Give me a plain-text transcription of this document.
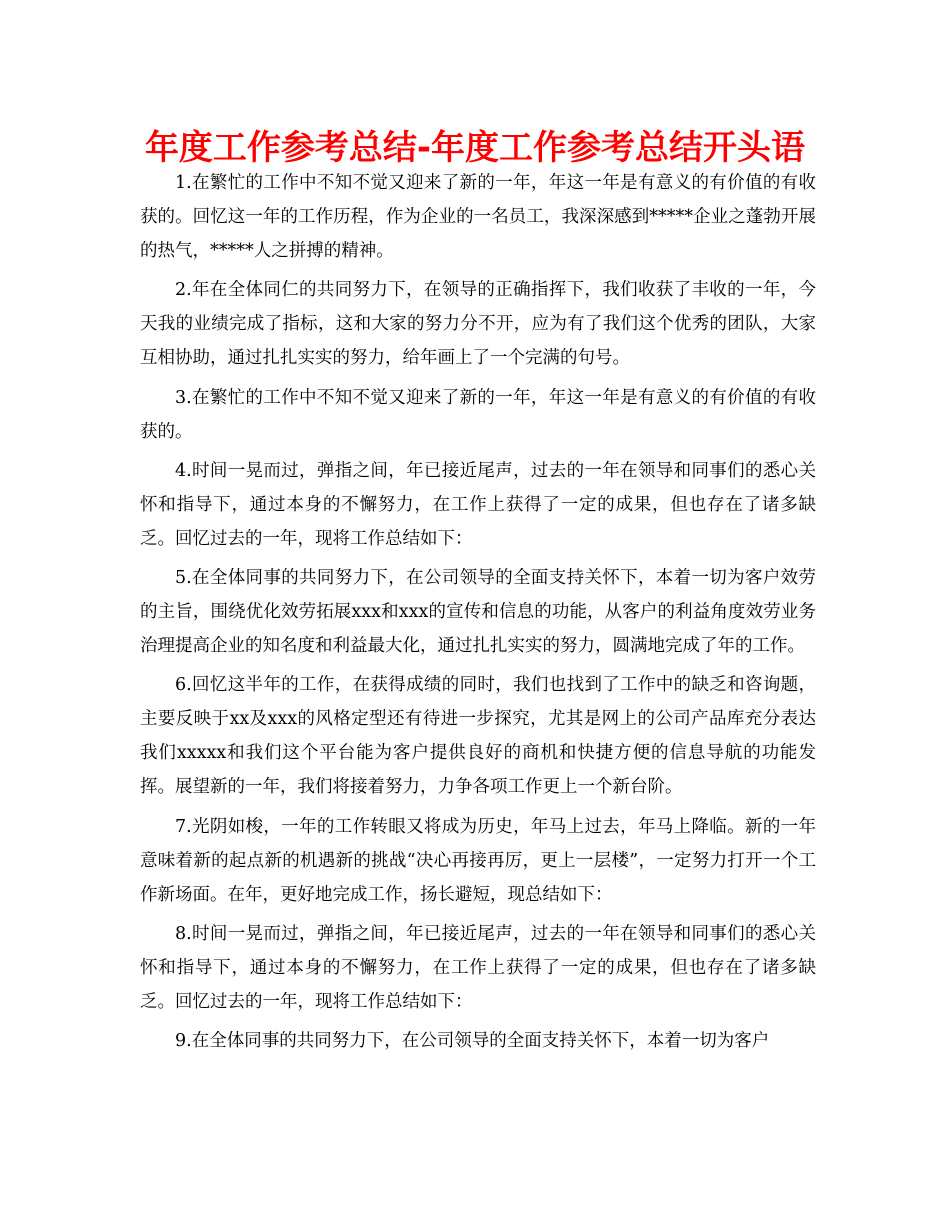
年度工作参考总结-年度工作参考总结开头语

1.在繁忙的工作中不知不觉又迎来了新的一年，年这一年是有意义的有价值的有收获的。回忆这一年的工作历程，作为企业的一名员工，我深深感到*****企业之蓬勃开展的热气，*****人之拼搏的精神。

2.年在全体同仁的共同努力下，在领导的正确指挥下，我们收获了丰收的一年，今天我的业绩完成了指标，这和大家的努力分不开，应为有了我们这个优秀的团队，大家互相协助，通过扎扎实实的努力，给年画上了一个完满的句号。

3.在繁忙的工作中不知不觉又迎来了新的一年，年这一年是有意义的有价值的有收获的。

4.时间一晃而过，弹指之间，年已接近尾声，过去的一年在领导和同事们的悉心关怀和指导下，通过本身的不懈努力，在工作上获得了一定的成果，但也存在了诸多缺乏。回忆过去的一年，现将工作总结如下：

5.在全体同事的共同努力下，在公司领导的全面支持关怀下，本着一切为客户效劳的主旨，围绕优化效劳拓展xxx和xxx的宣传和信息的功能，从客户的利益角度效劳业务治理提高企业的知名度和利益最大化，通过扎扎实实的努力，圆满地完成了年的工作。

6.回忆这半年的工作，在获得成绩的同时，我们也找到了工作中的缺乏和咨询题，主要反映于xx及xxx的风格定型还有待进一步探究，尤其是网上的公司产品库充分表达我们xxxxx和我们这个平台能为客户提供良好的商机和快捷方便的信息导航的功能发挥。展望新的一年，我们将接着努力，力争各项工作更上一个新台阶。

7.光阴如梭，一年的工作转眼又将成为历史，年马上过去，年马上降临。新的一年意味着新的起点新的机遇新的挑战“决心再接再厉，更上一层楼”，一定努力打开一个工作新场面。在年，更好地完成工作，扬长避短，现总结如下：

8.时间一晃而过，弹指之间，年已接近尾声，过去的一年在领导和同事们的悉心关怀和指导下，通过本身的不懈努力，在工作上获得了一定的成果，但也存在了诸多缺乏。回忆过去的一年，现将工作总结如下：

9.在全体同事的共同努力下，在公司领导的全面支持关怀下，本着一切为客户
